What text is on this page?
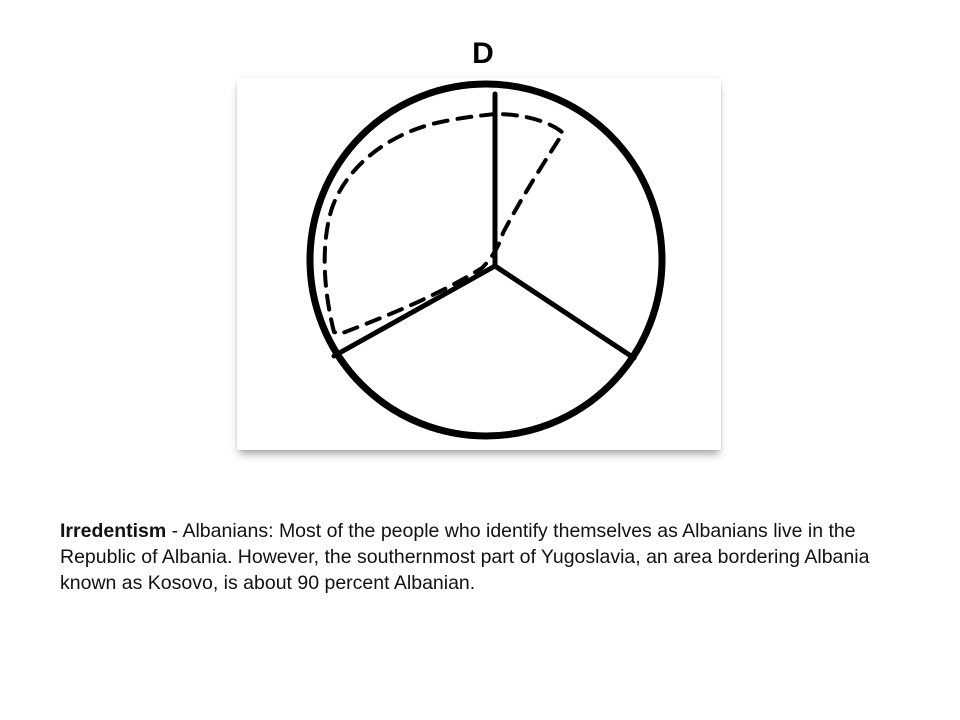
D
Irredentism - Albanians: Most of the people who identify themselves as Albanians live in the Republic of Albania. However, the southernmost part of Yugoslavia, an area bordering Albania known as Kosovo, is about 90 percent Albanian.
